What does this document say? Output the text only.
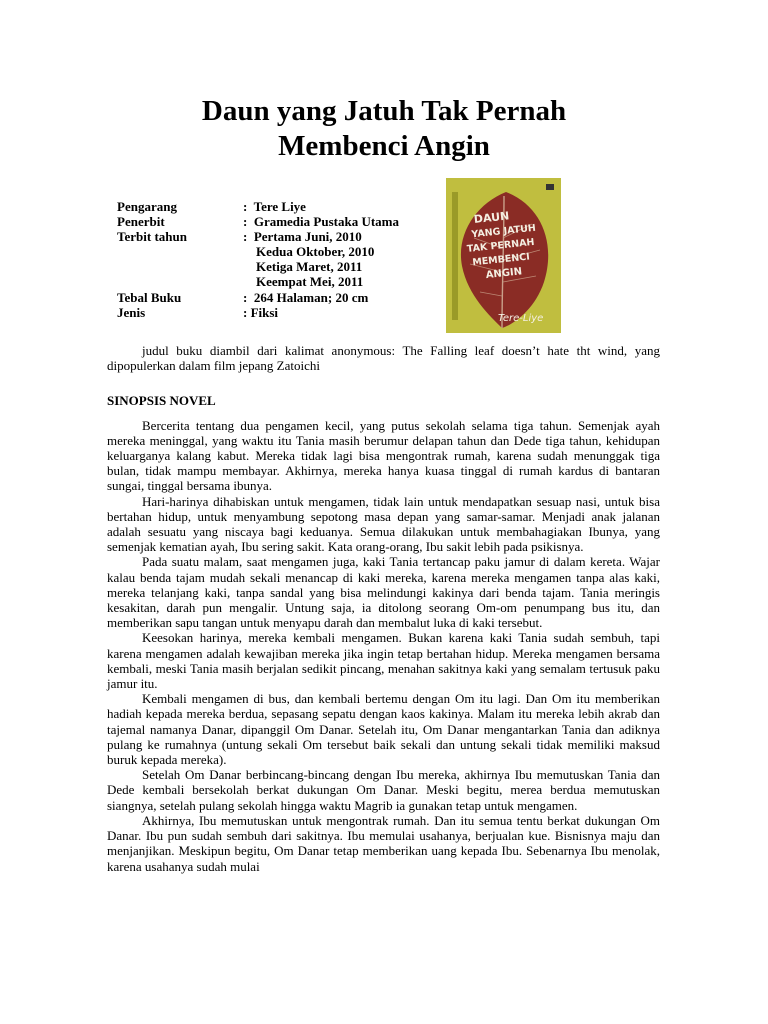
Daun yang Jatuh Tak Pernah
Membenci Angin
Pengarang	:  Tere Liye
Penerbit	:  Gramedia Pustaka Utama
Terbit tahun	:  Pertama Juni, 2010
Kedua Oktober, 2010
Ketiga Maret, 2011
Keempat Mei, 2011
Tebal Buku	:  264 Halaman; 20 cm
Jenis	: Fiksi
DAUN
YANG JATUH
TAK PERNAH
MEMBENCI
ANGIN
Tere-Liye

judul buku diambil dari kalimat anonymous: The Falling leaf doesn’t hate tht wind, yang dipopulerkan dalam film jepang Zatoichi

SINOPSIS NOVEL

Bercerita tentang dua pengamen kecil, yang putus sekolah selama tiga tahun. Semenjak ayah mereka meninggal, yang waktu itu Tania masih berumur delapan tahun dan Dede tiga tahun, kehidupan keluarganya kalang kabut. Mereka tidak lagi bisa mengontrak rumah, karena sudah menunggak tiga bulan, tidak mampu membayar. Akhirnya, mereka hanya kuasa tinggal di rumah kardus di bantaran sungai, tinggal bersama ibunya.

Hari-harinya dihabiskan untuk mengamen, tidak lain untuk mendapatkan sesuap nasi, untuk bisa bertahan hidup, untuk menyambung sepotong masa depan yang samar-samar. Menjadi anak jalanan adalah sesuatu yang niscaya bagi keduanya. Semua dilakukan untuk membahagiakan Ibunya, yang semenjak kematian ayah, Ibu sering sakit. Kata orang-orang, Ibu sakit lebih pada psikisnya.

Pada suatu malam, saat mengamen juga, kaki Tania tertancap paku jamur di dalam kereta. Wajar kalau benda tajam mudah sekali menancap di kaki mereka, karena mereka mengamen tanpa alas kaki, mereka telanjang kaki, tanpa sandal yang bisa melindungi kakinya dari benda tajam. Tania meringis kesakitan, darah pun mengalir. Untung saja, ia ditolong seorang Om-om penumpang bus itu, dan memberikan sapu tangan untuk menyapu darah dan membalut luka di kaki tersebut.

Keesokan harinya, mereka kembali mengamen. Bukan karena kaki Tania sudah sembuh, tapi karena mengamen adalah kewajiban mereka jika ingin tetap bertahan hidup. Mereka mengamen bersama kembali, meski Tania masih berjalan sedikit pincang, menahan sakitnya kaki yang semalam tertusuk paku jamur itu.

Kembali mengamen di bus, dan kembali bertemu dengan Om itu lagi. Dan Om itu memberikan hadiah kepada mereka berdua, sepasang sepatu dengan kaos kakinya. Malam itu mereka lebih akrab dan tajemal namanya Danar, dipanggil Om Danar. Setelah itu, Om Danar mengantarkan Tania dan adiknya pulang ke rumahnya (untung sekali Om tersebut baik sekali dan untung sekali tidak memiliki maksud buruk kepada mereka).

Setelah Om Danar berbincang-bincang dengan Ibu mereka, akhirnya Ibu memutuskan Tania dan Dede kembali bersekolah berkat dukungan Om Danar. Meski begitu, merea berdua memutuskan siangnya, setelah pulang sekolah hingga waktu Magrib ia gunakan tetap untuk mengamen.

Akhirnya, Ibu memutuskan untuk mengontrak rumah. Dan itu semua tentu berkat dukungan Om Danar. Ibu pun sudah sembuh dari sakitnya. Ibu memulai usahanya, berjualan kue. Bisnisnya maju dan menjanjikan. Meskipun begitu, Om Danar tetap memberikan uang kepada Ibu. Sebenarnya Ibu menolak, karena usahanya sudah mulai
